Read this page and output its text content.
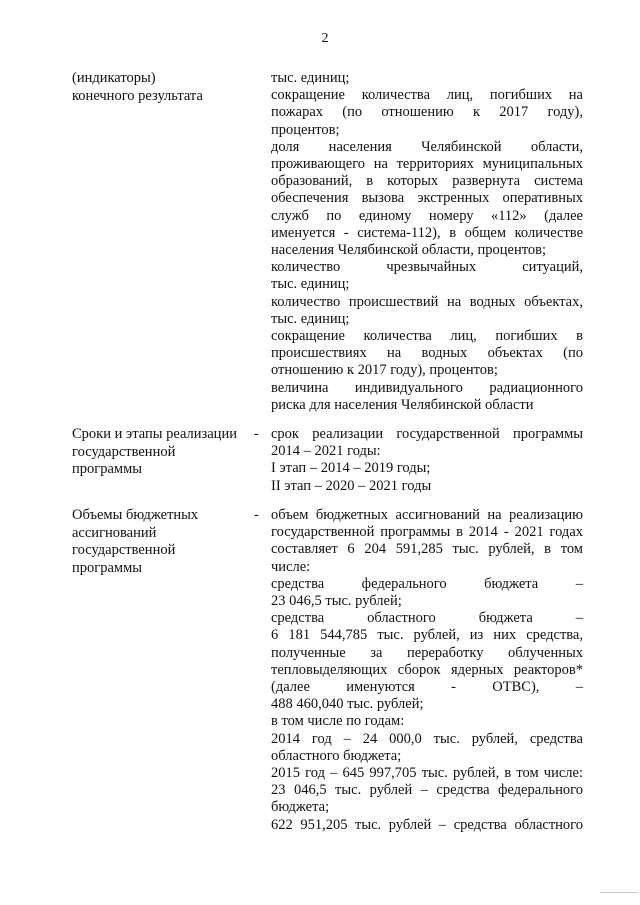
2
(индикаторы)
конечного результата
тыс. единиц;
сокращение количества лиц, погибших на
пожарах (по отношению к 2017 году),
процентов;
доля населения Челябинской области,
проживающего на территориях муниципальных
образований, в которых развернута система
обеспечения вызова экстренных оперативных
служб по единому номеру «112» (далее
именуется - система-112), в общем количестве
населения Челябинской области, процентов;
количество чрезвычайных ситуаций,
тыс. единиц;
количество происшествий на водных объектах,
тыс. единиц;
сокращение количества лиц, погибших в
происшествиях на водных объектах (по
отношению к 2017 году), процентов;
величина индивидуального радиационного
риска для населения Челябинской области
Сроки и этапы реализации
государственной
программы
- срок реализации государственной программы
2014 – 2021 годы:
I этап – 2014 – 2019 годы;
II этап – 2020 – 2021 годы
Объемы бюджетных
ассигнований
государственной
программы
- объем бюджетных ассигнований на реализацию
государственной программы в 2014 - 2021 годах
составляет 6 204 591,285 тыс. рублей, в том
числе:
средства федерального бюджета –
23 046,5 тыс. рублей;
средства областного бюджета –
6 181 544,785 тыс. рублей, из них средства,
полученные за переработку облученных
тепловыделяющих сборок ядерных реакторов*
(далее именуются - ОТВС), –
488 460,040 тыс. рублей;
в том числе по годам:
2014 год – 24 000,0 тыс. рублей, средства
областного бюджета;
2015 год – 645 997,705 тыс. рублей, в том числе:
23 046,5 тыс. рублей – средства федерального
бюджета;
622 951,205 тыс. рублей – средства областного
